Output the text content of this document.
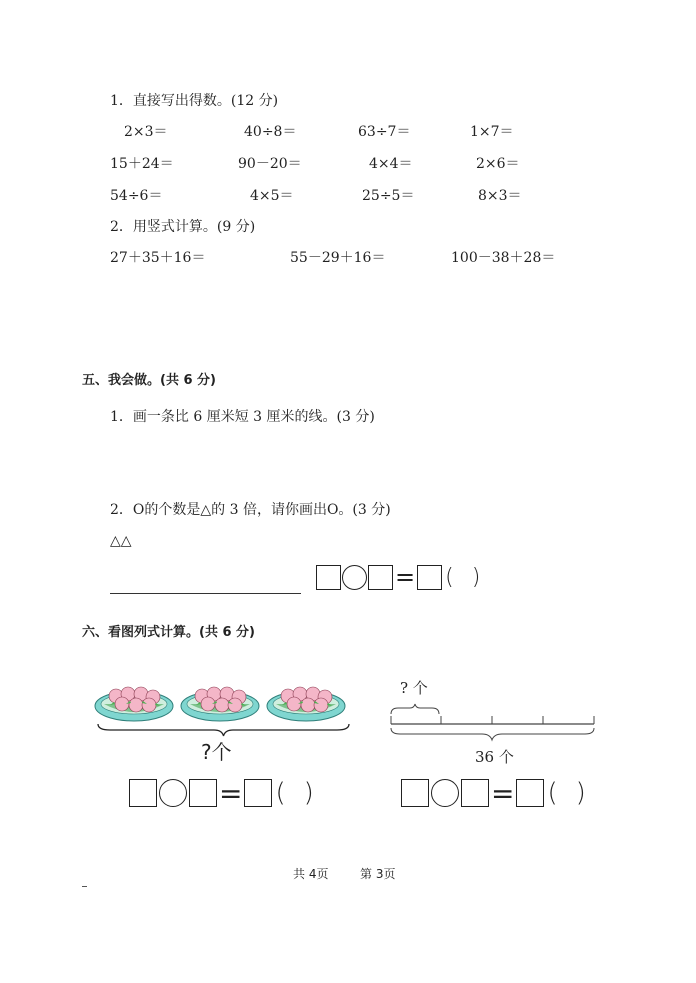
1．直接写出得数。(12 分)
2×3＝	40÷8＝	63÷7＝	1×7＝
15＋24＝	90－20＝	4×4＝	2×6＝
54÷6＝	4×5＝	25÷5＝	8×3＝
2．用竖式计算。(9 分)
27＋35＋16＝	55－29＋16＝	100－38＋28＝
五、我会做。(共 6 分)
1．画一条比 6 厘米短 3 厘米的线。(3 分)
2．O的个数是△的 3 倍，请你画出O。(3 分)
△△
= ( )
六、看图列式计算。(共 6 分)
?个
= ( )
? 个
36 个
= ( )
共 4页	第 3页
